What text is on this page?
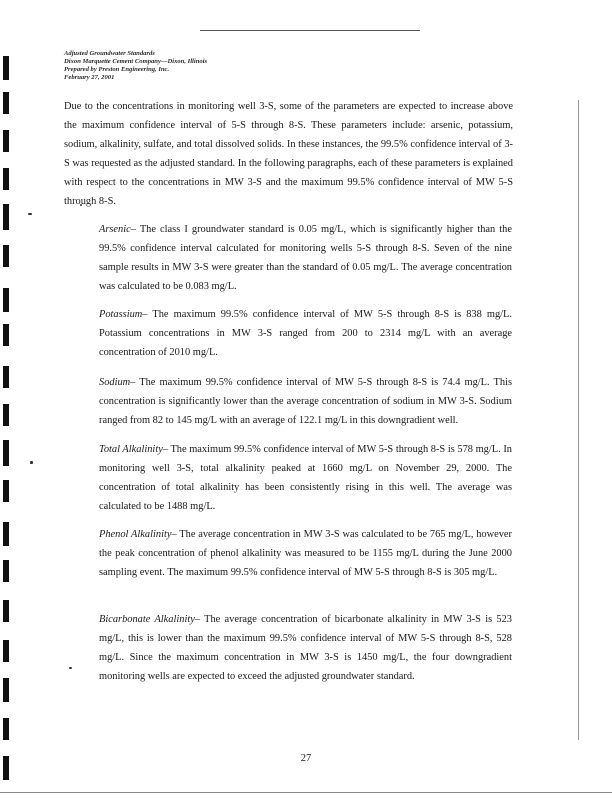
Adjusted Groundwater Standards
Dixon Marquette Cement Company—Dixon, Illinois
Prepared by Preston Engineering, Inc.
February 27, 2001

Due to the concentrations in monitoring well 3-S, some of the parameters are expected to increase above the maximum confidence interval of 5-S through 8-S. These parameters include: arsenic, potassium, sodium, alkalinity, sulfate, and total dissolved solids. In these instances, the 99.5% confidence interval of 3-S was requested as the adjusted standard. In the following paragraphs, each of these parameters is explained with respect to the concentrations in MW 3-S and the maximum 99.5% confidence interval of MW 5-S through 8-S.

Arsenic– The class I groundwater standard is 0.05 mg/L, which is significantly higher than the 99.5% confidence interval calculated for monitoring wells 5-S through 8-S. Seven of the nine sample results in MW 3-S were greater than the standard of 0.05 mg/L. The average concentration was calculated to be 0.083 mg/L.

Potassium– The maximum 99.5% confidence interval of MW 5-S through 8-S is 838 mg/L. Potassium concentrations in MW 3-S ranged from 200 to 2314 mg/L with an average concentration of 2010 mg/L.

Sodium– The maximum 99.5% confidence interval of MW 5-S through 8-S is 74.4 mg/L. This concentration is significantly lower than the average concentration of sodium in MW 3-S. Sodium ranged from 82 to 145 mg/L with an average of 122.1 mg/L in this downgradient well.

Total Alkalinity– The maximum 99.5% confidence interval of MW 5-S through 8-S is 578 mg/L. In monitoring well 3-S, total alkalinity peaked at 1660 mg/L on November 29, 2000. The concentration of total alkalinity has been consistently rising in this well. The average was calculated to be 1488 mg/L.

Phenol Alkalinity– The average concentration in MW 3-S was calculated to be 765 mg/L, however the peak concentration of phenol alkalinity was measured to be 1155 mg/L during the June 2000 sampling event. The maximum 99.5% confidence interval of MW 5-S through 8-S is 305 mg/L.

Bicarbonate Alkalinity– The average concentration of bicarbonate alkalinity in MW 3-S is 523 mg/L, this is lower than the maximum 99.5% confidence interval of MW 5-S through 8-S, 528 mg/L. Since the maximum concentration in MW 3-S is 1450 mg/L, the four downgradient monitoring wells are expected to exceed the adjusted groundwater standard.

27
